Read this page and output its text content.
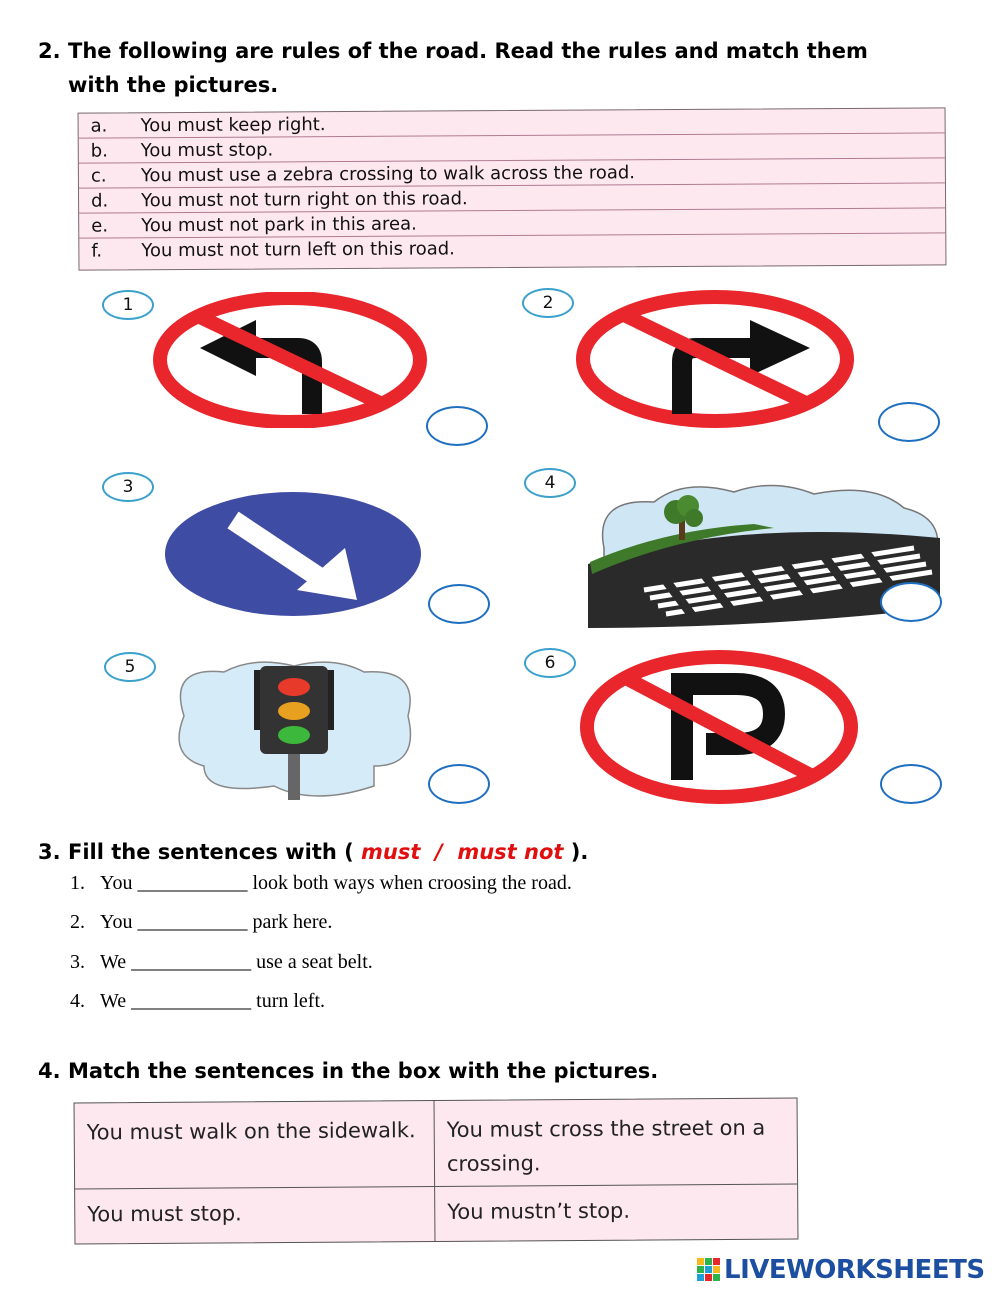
2. The following are rules of the road. Read the rules and match them
with the pictures.
a.	You must keep right.
b.	You must stop.
c.	You must use a zebra crossing to walk across the road.
d.	You must not turn right on this road.
e.	You must not park in this area.
f.	You must not turn left on this road.
1	2
3	4
5	6
3. Fill the sentences with ( must  /  must not ).
1. You ___________ look both ways when croosing the road.
2. You ___________ park here.
3. We ____________ use a seat belt.
4. We ____________ turn left.
4. Match the sentences in the box with the pictures.
You must walk on the sidewalk.	You must cross the street on a crossing.
You must stop.	You mustn’t stop.
LIVEWORKSHEETS
